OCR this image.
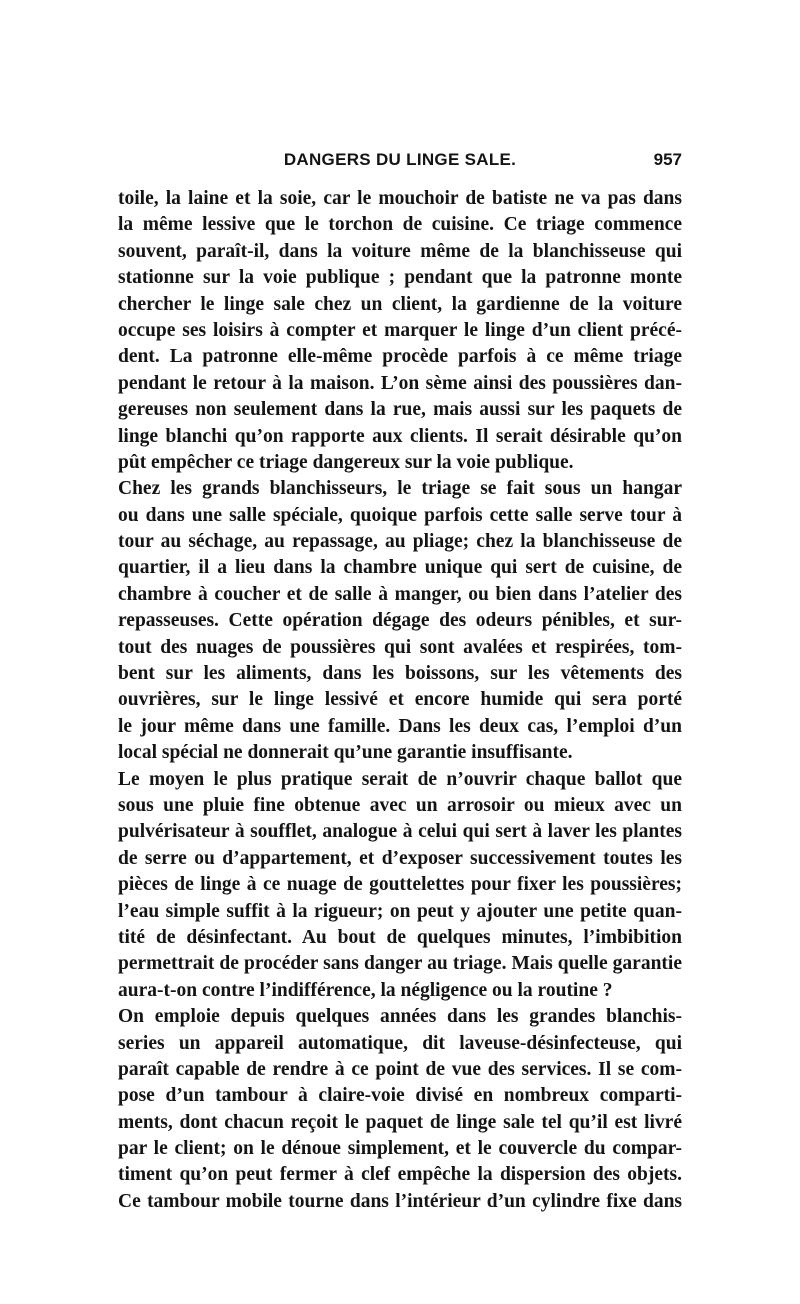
DANGERS DU LINGE SALE.	957
toile, la laine et la soie, car le mouchoir de batiste ne va pas dans
la même lessive que le torchon de cuisine. Ce triage commence
souvent, paraît-il, dans la voiture même de la blanchisseuse qui
stationne sur la voie publique ; pendant que la patronne monte
chercher le linge sale chez un client, la gardienne de la voiture
occupe ses loisirs à compter et marquer le linge d’un client précé-
dent. La patronne elle-même procède parfois à ce même triage
pendant le retour à la maison. L’on sème ainsi des poussières dan-
gereuses non seulement dans la rue, mais aussi sur les paquets de
linge blanchi qu’on rapporte aux clients. Il serait désirable qu’on
pût empêcher ce triage dangereux sur la voie publique.
Chez les grands blanchisseurs, le triage se fait sous un hangar
ou dans une salle spéciale, quoique parfois cette salle serve tour à
tour au séchage, au repassage, au pliage; chez la blanchisseuse de
quartier, il a lieu dans la chambre unique qui sert de cuisine, de
chambre à coucher et de salle à manger, ou bien dans l’atelier des
repasseuses. Cette opération dégage des odeurs pénibles, et sur-
tout des nuages de poussières qui sont avalées et respirées, tom-
bent sur les aliments, dans les boissons, sur les vêtements des
ouvrières, sur le linge lessivé et encore humide qui sera porté
le jour même dans une famille. Dans les deux cas, l’emploi d’un
local spécial ne donnerait qu’une garantie insuffisante.
Le moyen le plus pratique serait de n’ouvrir chaque ballot que
sous une pluie fine obtenue avec un arrosoir ou mieux avec un
pulvérisateur à soufflet, analogue à celui qui sert à laver les plantes
de serre ou d’appartement, et d’exposer successivement toutes les
pièces de linge à ce nuage de gouttelettes pour fixer les poussières;
l’eau simple suffit à la rigueur; on peut y ajouter une petite quan-
tité de désinfectant. Au bout de quelques minutes, l’imbibition
permettrait de procéder sans danger au triage. Mais quelle garantie
aura-t-on contre l’indifférence, la négligence ou la routine ?
On emploie depuis quelques années dans les grandes blanchis-
series un appareil automatique, dit laveuse-désinfecteuse, qui
paraît capable de rendre à ce point de vue des services. Il se com-
pose d’un tambour à claire-voie divisé en nombreux comparti-
ments, dont chacun reçoit le paquet de linge sale tel qu’il est livré
par le client; on le dénoue simplement, et le couvercle du compar-
timent qu’on peut fermer à clef empêche la dispersion des objets.
Ce tambour mobile tourne dans l’intérieur d’un cylindre fixe dans
